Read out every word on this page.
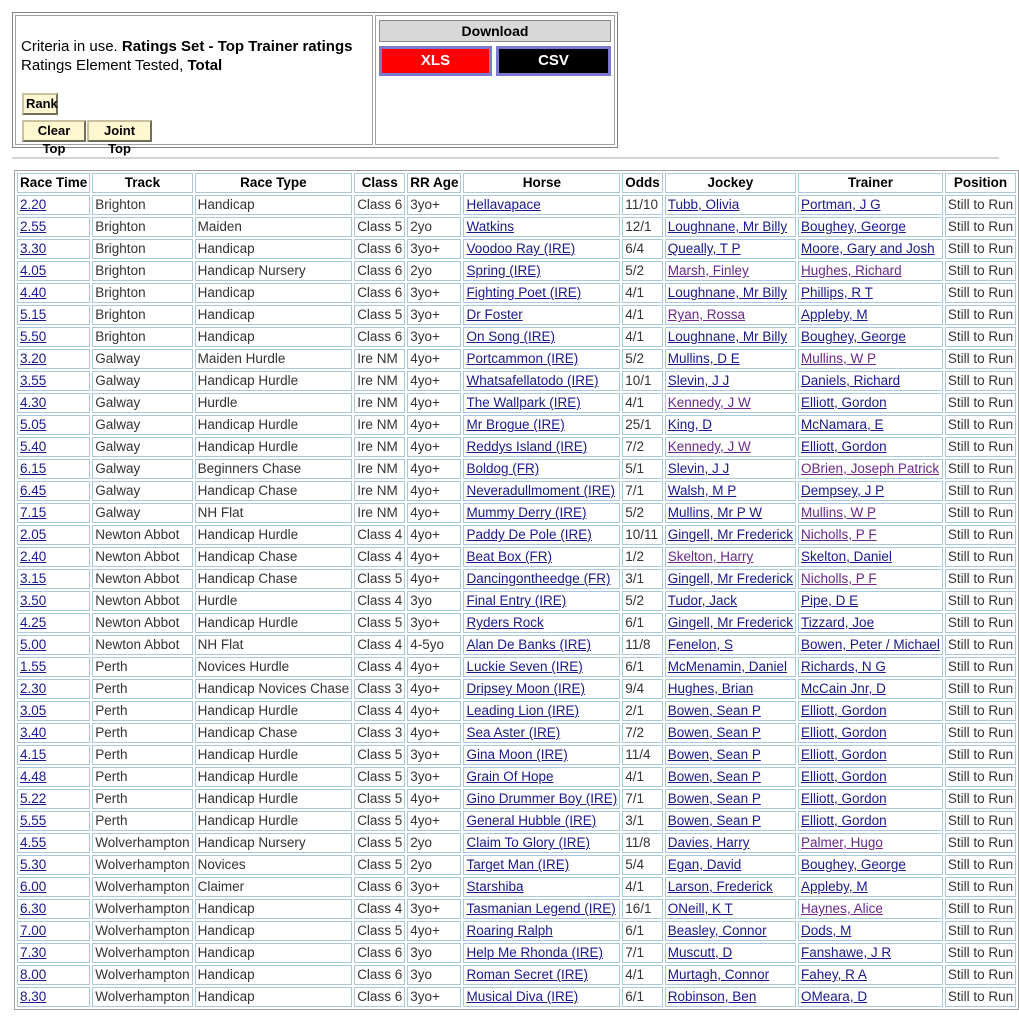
Criteria in use. Ratings Set - Top Trainer ratings
Ratings Element Tested, Total
Rank
Clear Top
Joint Top
Download
XLS	CSV
Race Time	Track	Race Type	Class	RR Age	Horse	Odds	Jockey	Trainer	Position
2.20	Brighton	Handicap	Class 6	3yo+	Hellavapace	11/10	Tubb, Olivia	Portman, J G	Still to Run
2.55	Brighton	Maiden	Class 5	2yo	Watkins	12/1	Loughnane, Mr Billy	Boughey, George	Still to Run
3.30	Brighton	Handicap	Class 6	3yo+	Voodoo Ray (IRE)	6/4	Queally, T P	Moore, Gary and Josh	Still to Run
4.05	Brighton	Handicap Nursery	Class 6	2yo	Spring (IRE)	5/2	Marsh, Finley	Hughes, Richard	Still to Run
4.40	Brighton	Handicap	Class 6	3yo+	Fighting Poet (IRE)	4/1	Loughnane, Mr Billy	Phillips, R T	Still to Run
5.15	Brighton	Handicap	Class 5	3yo+	Dr Foster	4/1	Ryan, Rossa	Appleby, M	Still to Run
5.50	Brighton	Handicap	Class 6	3yo+	On Song (IRE)	4/1	Loughnane, Mr Billy	Boughey, George	Still to Run
3.20	Galway	Maiden Hurdle	Ire NM	4yo+	Portcammon (IRE)	5/2	Mullins, D E	Mullins, W P	Still to Run
3.55	Galway	Handicap Hurdle	Ire NM	4yo+	Whatsafellatodo (IRE)	10/1	Slevin, J J	Daniels, Richard	Still to Run
4.30	Galway	Hurdle	Ire NM	4yo+	The Wallpark (IRE)	4/1	Kennedy, J W	Elliott, Gordon	Still to Run
5.05	Galway	Handicap Hurdle	Ire NM	4yo+	Mr Brogue (IRE)	25/1	King, D	McNamara, E	Still to Run
5.40	Galway	Handicap Hurdle	Ire NM	4yo+	Reddys Island (IRE)	7/2	Kennedy, J W	Elliott, Gordon	Still to Run
6.15	Galway	Beginners Chase	Ire NM	4yo+	Boldog (FR)	5/1	Slevin, J J	OBrien, Joseph Patrick	Still to Run
6.45	Galway	Handicap Chase	Ire NM	4yo+	Neveradullmoment (IRE)	7/1	Walsh, M P	Dempsey, J P	Still to Run
7.15	Galway	NH Flat	Ire NM	4yo+	Mummy Derry (IRE)	5/2	Mullins, Mr P W	Mullins, W P	Still to Run
2.05	Newton Abbot	Handicap Hurdle	Class 4	4yo+	Paddy De Pole (IRE)	10/11	Gingell, Mr Frederick	Nicholls, P F	Still to Run
2.40	Newton Abbot	Handicap Chase	Class 4	4yo+	Beat Box (FR)	1/2	Skelton, Harry	Skelton, Daniel	Still to Run
3.15	Newton Abbot	Handicap Chase	Class 5	4yo+	Dancingontheedge (FR)	3/1	Gingell, Mr Frederick	Nicholls, P F	Still to Run
3.50	Newton Abbot	Hurdle	Class 4	3yo	Final Entry (IRE)	5/2	Tudor, Jack	Pipe, D E	Still to Run
4.25	Newton Abbot	Handicap Hurdle	Class 5	3yo+	Ryders Rock	6/1	Gingell, Mr Frederick	Tizzard, Joe	Still to Run
5.00	Newton Abbot	NH Flat	Class 4	4-5yo	Alan De Banks (IRE)	11/8	Fenelon, S	Bowen, Peter / Michael	Still to Run
1.55	Perth	Novices Hurdle	Class 4	4yo+	Luckie Seven (IRE)	6/1	McMenamin, Daniel	Richards, N G	Still to Run
2.30	Perth	Handicap Novices Chase	Class 3	4yo+	Dripsey Moon (IRE)	9/4	Hughes, Brian	McCain Jnr, D	Still to Run
3.05	Perth	Handicap Hurdle	Class 4	4yo+	Leading Lion (IRE)	2/1	Bowen, Sean P	Elliott, Gordon	Still to Run
3.40	Perth	Handicap Chase	Class 3	4yo+	Sea Aster (IRE)	7/2	Bowen, Sean P	Elliott, Gordon	Still to Run
4.15	Perth	Handicap Hurdle	Class 5	3yo+	Gina Moon (IRE)	11/4	Bowen, Sean P	Elliott, Gordon	Still to Run
4.48	Perth	Handicap Hurdle	Class 5	3yo+	Grain Of Hope	4/1	Bowen, Sean P	Elliott, Gordon	Still to Run
5.22	Perth	Handicap Hurdle	Class 5	4yo+	Gino Drummer Boy (IRE)	7/1	Bowen, Sean P	Elliott, Gordon	Still to Run
5.55	Perth	Handicap Hurdle	Class 5	4yo+	General Hubble (IRE)	3/1	Bowen, Sean P	Elliott, Gordon	Still to Run
4.55	Wolverhampton	Handicap Nursery	Class 5	2yo	Claim To Glory (IRE)	11/8	Davies, Harry	Palmer, Hugo	Still to Run
5.30	Wolverhampton	Novices	Class 5	2yo	Target Man (IRE)	5/4	Egan, David	Boughey, George	Still to Run
6.00	Wolverhampton	Claimer	Class 6	3yo+	Starshiba	4/1	Larson, Frederick	Appleby, M	Still to Run
6.30	Wolverhampton	Handicap	Class 4	3yo+	Tasmanian Legend (IRE)	16/1	ONeill, K T	Haynes, Alice	Still to Run
7.00	Wolverhampton	Handicap	Class 5	4yo+	Roaring Ralph	6/1	Beasley, Connor	Dods, M	Still to Run
7.30	Wolverhampton	Handicap	Class 6	3yo	Help Me Rhonda (IRE)	7/1	Muscutt, D	Fanshawe, J R	Still to Run
8.00	Wolverhampton	Handicap	Class 6	3yo	Roman Secret (IRE)	4/1	Murtagh, Connor	Fahey, R A	Still to Run
8.30	Wolverhampton	Handicap	Class 6	3yo+	Musical Diva (IRE)	6/1	Robinson, Ben	OMeara, D	Still to Run
